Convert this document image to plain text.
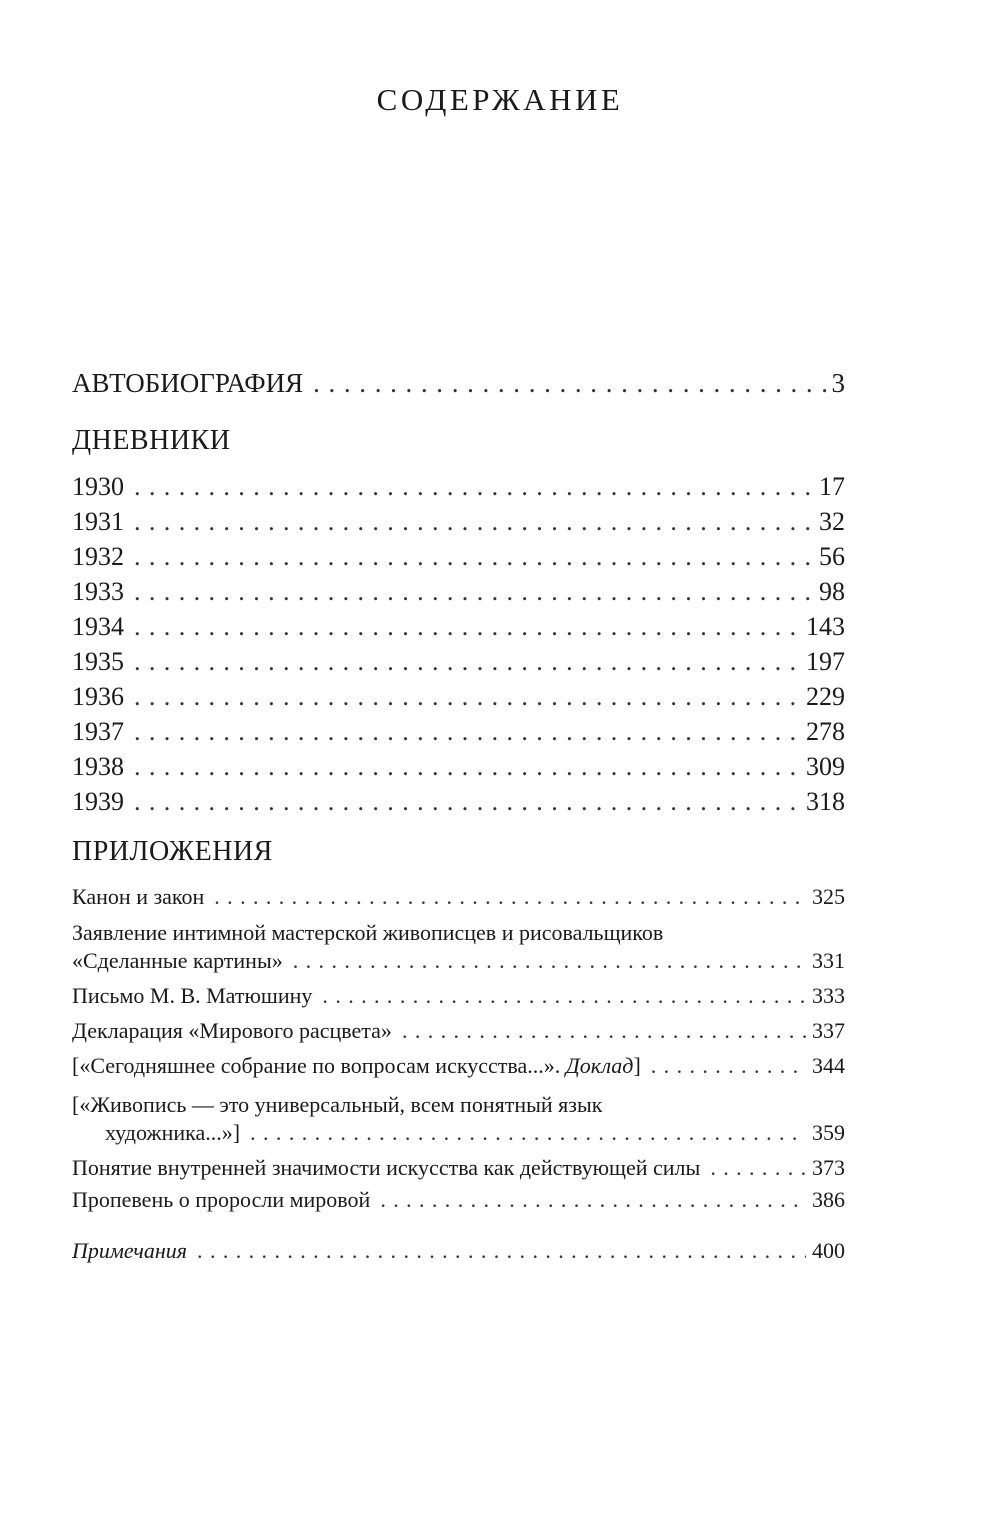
СОДЕРЖАНИЕ
АВТОБИОГРАФИЯ . . .	3
ДНЕВНИКИ
1930 . . .	17
1931 . . .	32
1932 . . .	56
1933 . . .	98
1934 . . .	143
1935 . . .	197
1936 . . .	229
1937 . . .	278
1938 . . .	309
1939 . . .	318
ПРИЛОЖЕНИЯ
Канон и закон . . .	325
Заявление интимной мастерской живописцев и рисовальщиков
«Сделанные картины» . . .	331
Письмо М. В. Матюшину . . .	333
Декларация «Мирового расцвета» . . .	337
[«Сегодняшнее собрание по вопросам искусства...». Доклад] . . .	344
[«Живопись — это универсальный, всем понятный язык
художника...»] . . .	359
Понятие внутренней значимости искусства как действующей силы . . .	373
Пропевень о проросли мировой . . .	386
Примечания . . .	400
